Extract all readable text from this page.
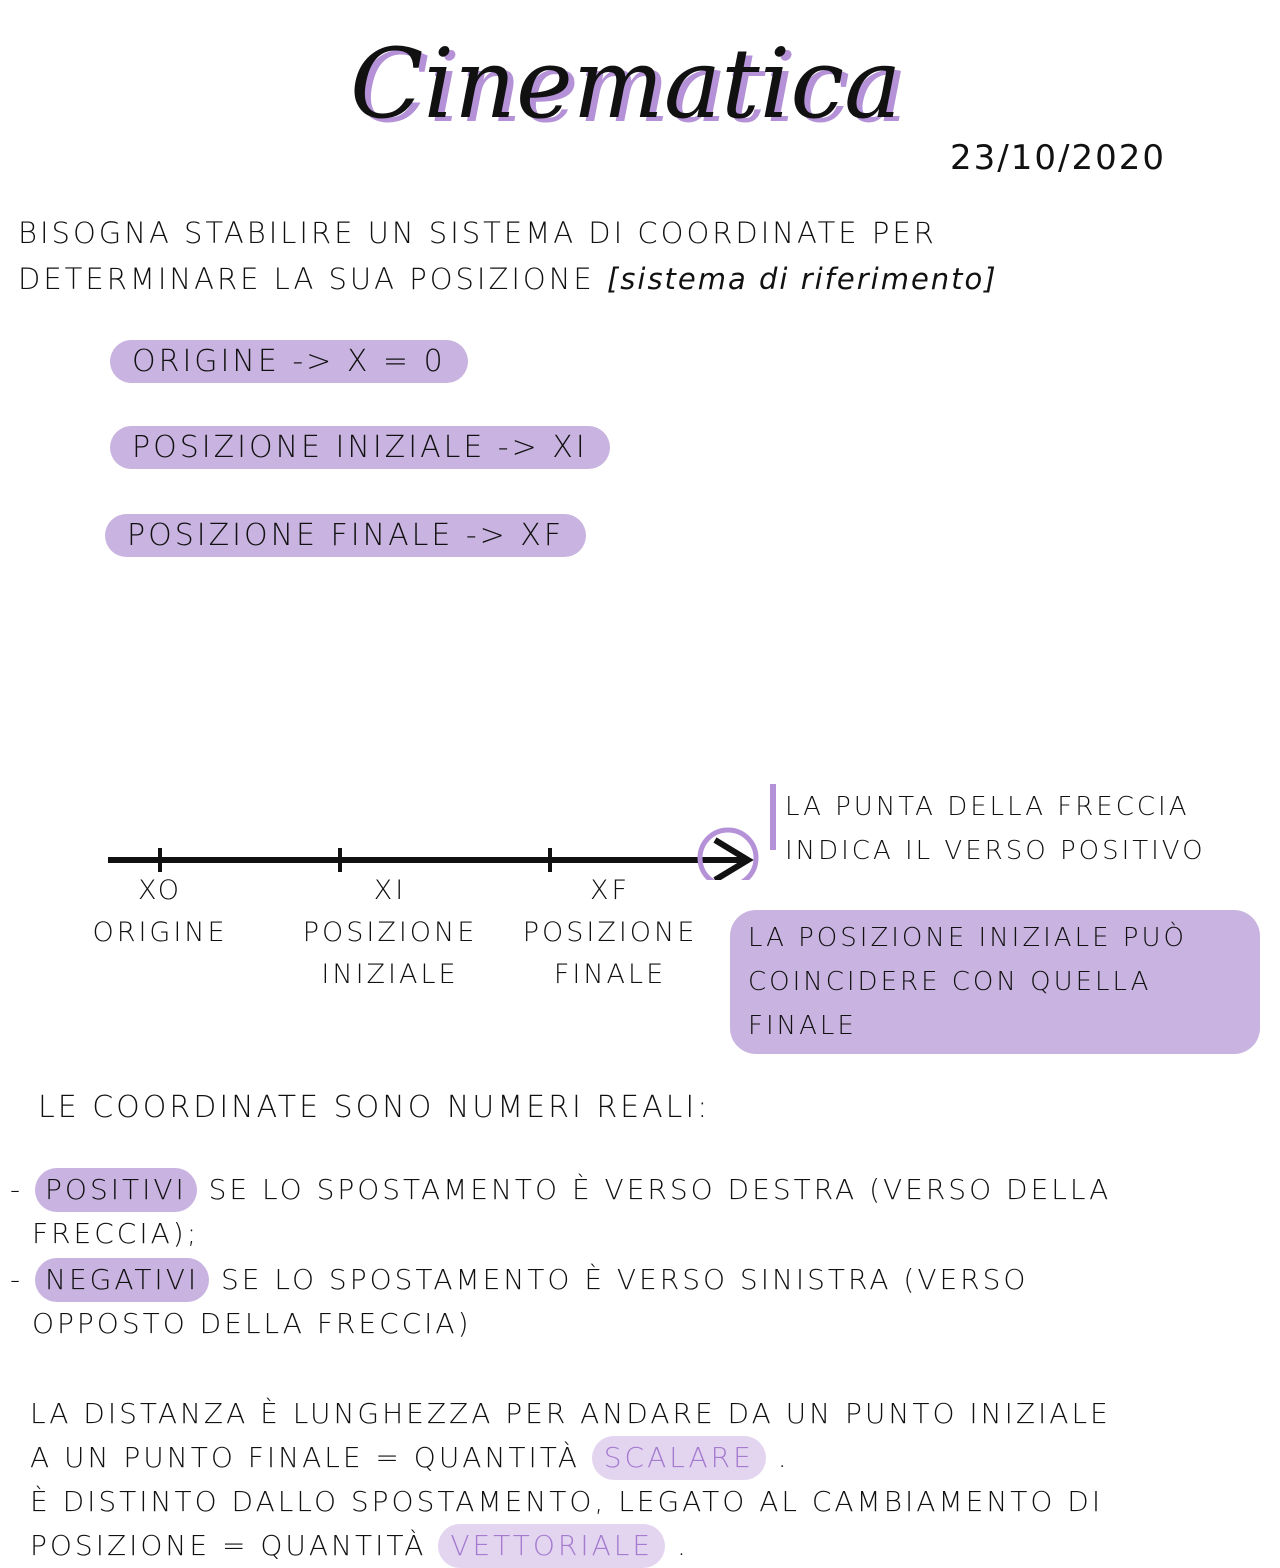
Cinematica
23/10/2020
BISOGNA STABILIRE UN SISTEMA DI COORDINATE PER
DETERMINARE LA SUA POSIZIONE [sistema di riferimento]
ORIGINE -> X = 0
POSIZIONE INIZIALE -> XI
POSIZIONE FINALE -> XF
XO
ORIGINE
XI
POSIZIONE
INIZIALE
XF
POSIZIONE
FINALE
LA PUNTA DELLA FRECCIA
INDICA IL VERSO POSITIVO
LA POSIZIONE INIZIALE PUÒ
COINCIDERE CON QUELLA
FINALE
LE COORDINATE SONO NUMERI REALI:
- POSITIVI SE LO SPOSTAMENTO È VERSO DESTRA (VERSO DELLA
FRECCIA);
- NEGATIVI SE LO SPOSTAMENTO È VERSO SINISTRA (VERSO
OPPOSTO DELLA FRECCIA)
LA DISTANZA È LUNGHEZZA PER ANDARE DA UN PUNTO INIZIALE
A UN PUNTO FINALE = QUANTITÀ SCALARE .
È DISTINTO DALLO SPOSTAMENTO, LEGATO AL CAMBIAMENTO DI
POSIZIONE = QUANTITÀ VETTORIALE .
